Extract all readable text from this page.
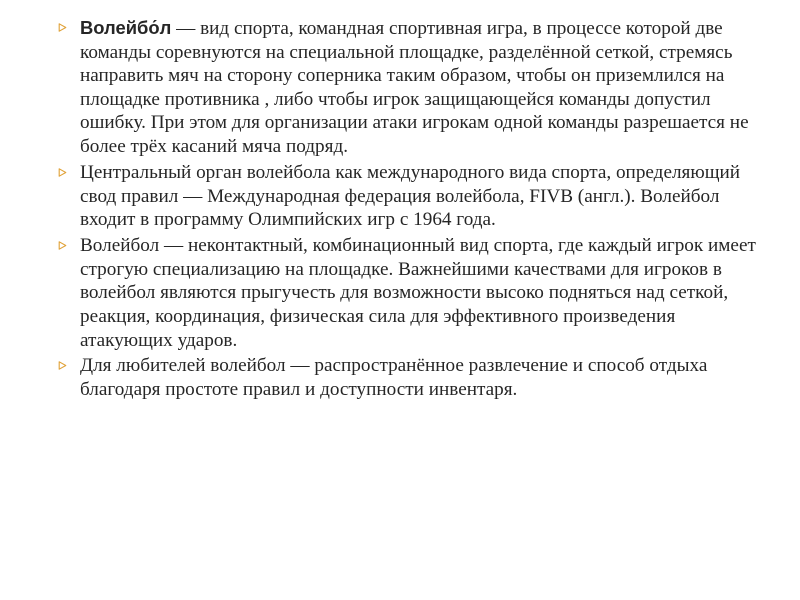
Волейбо́л — вид спорта, командная спортивная игра, в процессе которой две команды соревнуются на специальной площадке, разделённой сеткой, стремясь направить мяч на сторону соперника таким образом, чтобы он приземлился на площадке противника , либо чтобы игрок защищающейся команды допустил ошибку. При этом для организации атаки игрокам одной команды разрешается не более трёх касаний мяча подряд.
Центральный орган волейбола как международного вида спорта, определяющий свод правил — Международная федерация волейбола, FIVB (англ.). Волейбол входит в программу Олимпийских игр с 1964 года.
Волейбол — неконтактный, комбинационный вид спорта, где каждый игрок имеет строгую специализацию на площадке. Важнейшими качествами для игроков в волейбол являются прыгучесть для возможности высоко подняться над сеткой, реакция, координация, физическая сила для эффективного произведения атакующих ударов.
Для любителей волейбол — распространённое развлечение и способ отдыха благодаря простоте правил и доступности инвентаря.
